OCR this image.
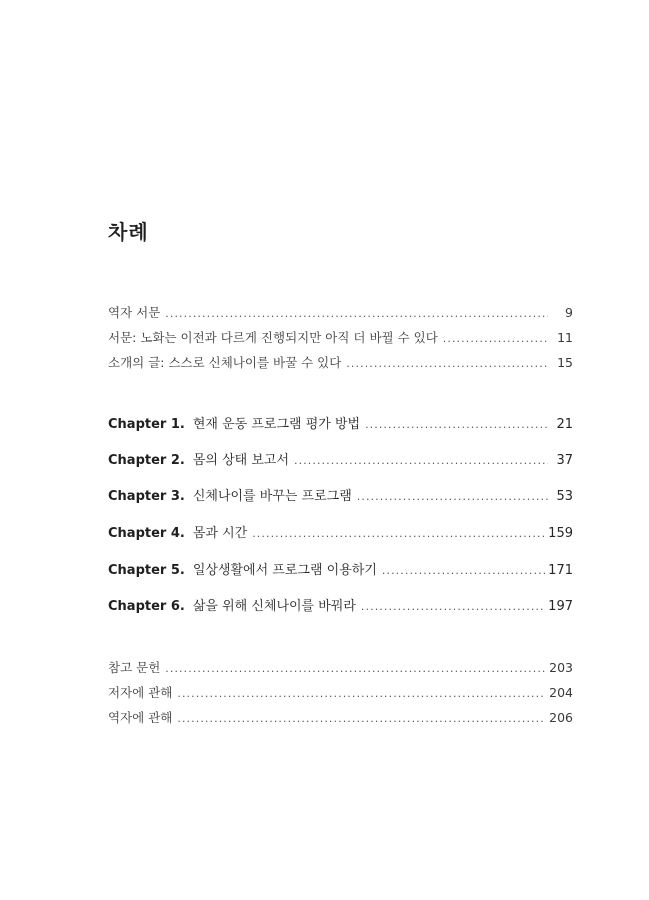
차례
역자 서문 . . .	9
서문: 노화는 이전과 다르게 진행되지만 아직 더 바뀔 수 있다 . . .	11
소개의 글: 스스로 신체나이를 바꿀 수 있다 . . .	15
Chapter 1. 현재 운동 프로그램 평가 방법 . . .	21
Chapter 2. 몸의 상태 보고서 . . .	37
Chapter 3. 신체나이를 바꾸는 프로그램 . . .	53
Chapter 4. 몸과 시간 . . .	159
Chapter 5. 일상생활에서 프로그램 이용하기 . . .	171
Chapter 6. 삶을 위해 신체나이를 바꿔라 . . .	197
참고 문헌 . . .	203
저자에 관해 . . .	204
역자에 관해 . . .	206
